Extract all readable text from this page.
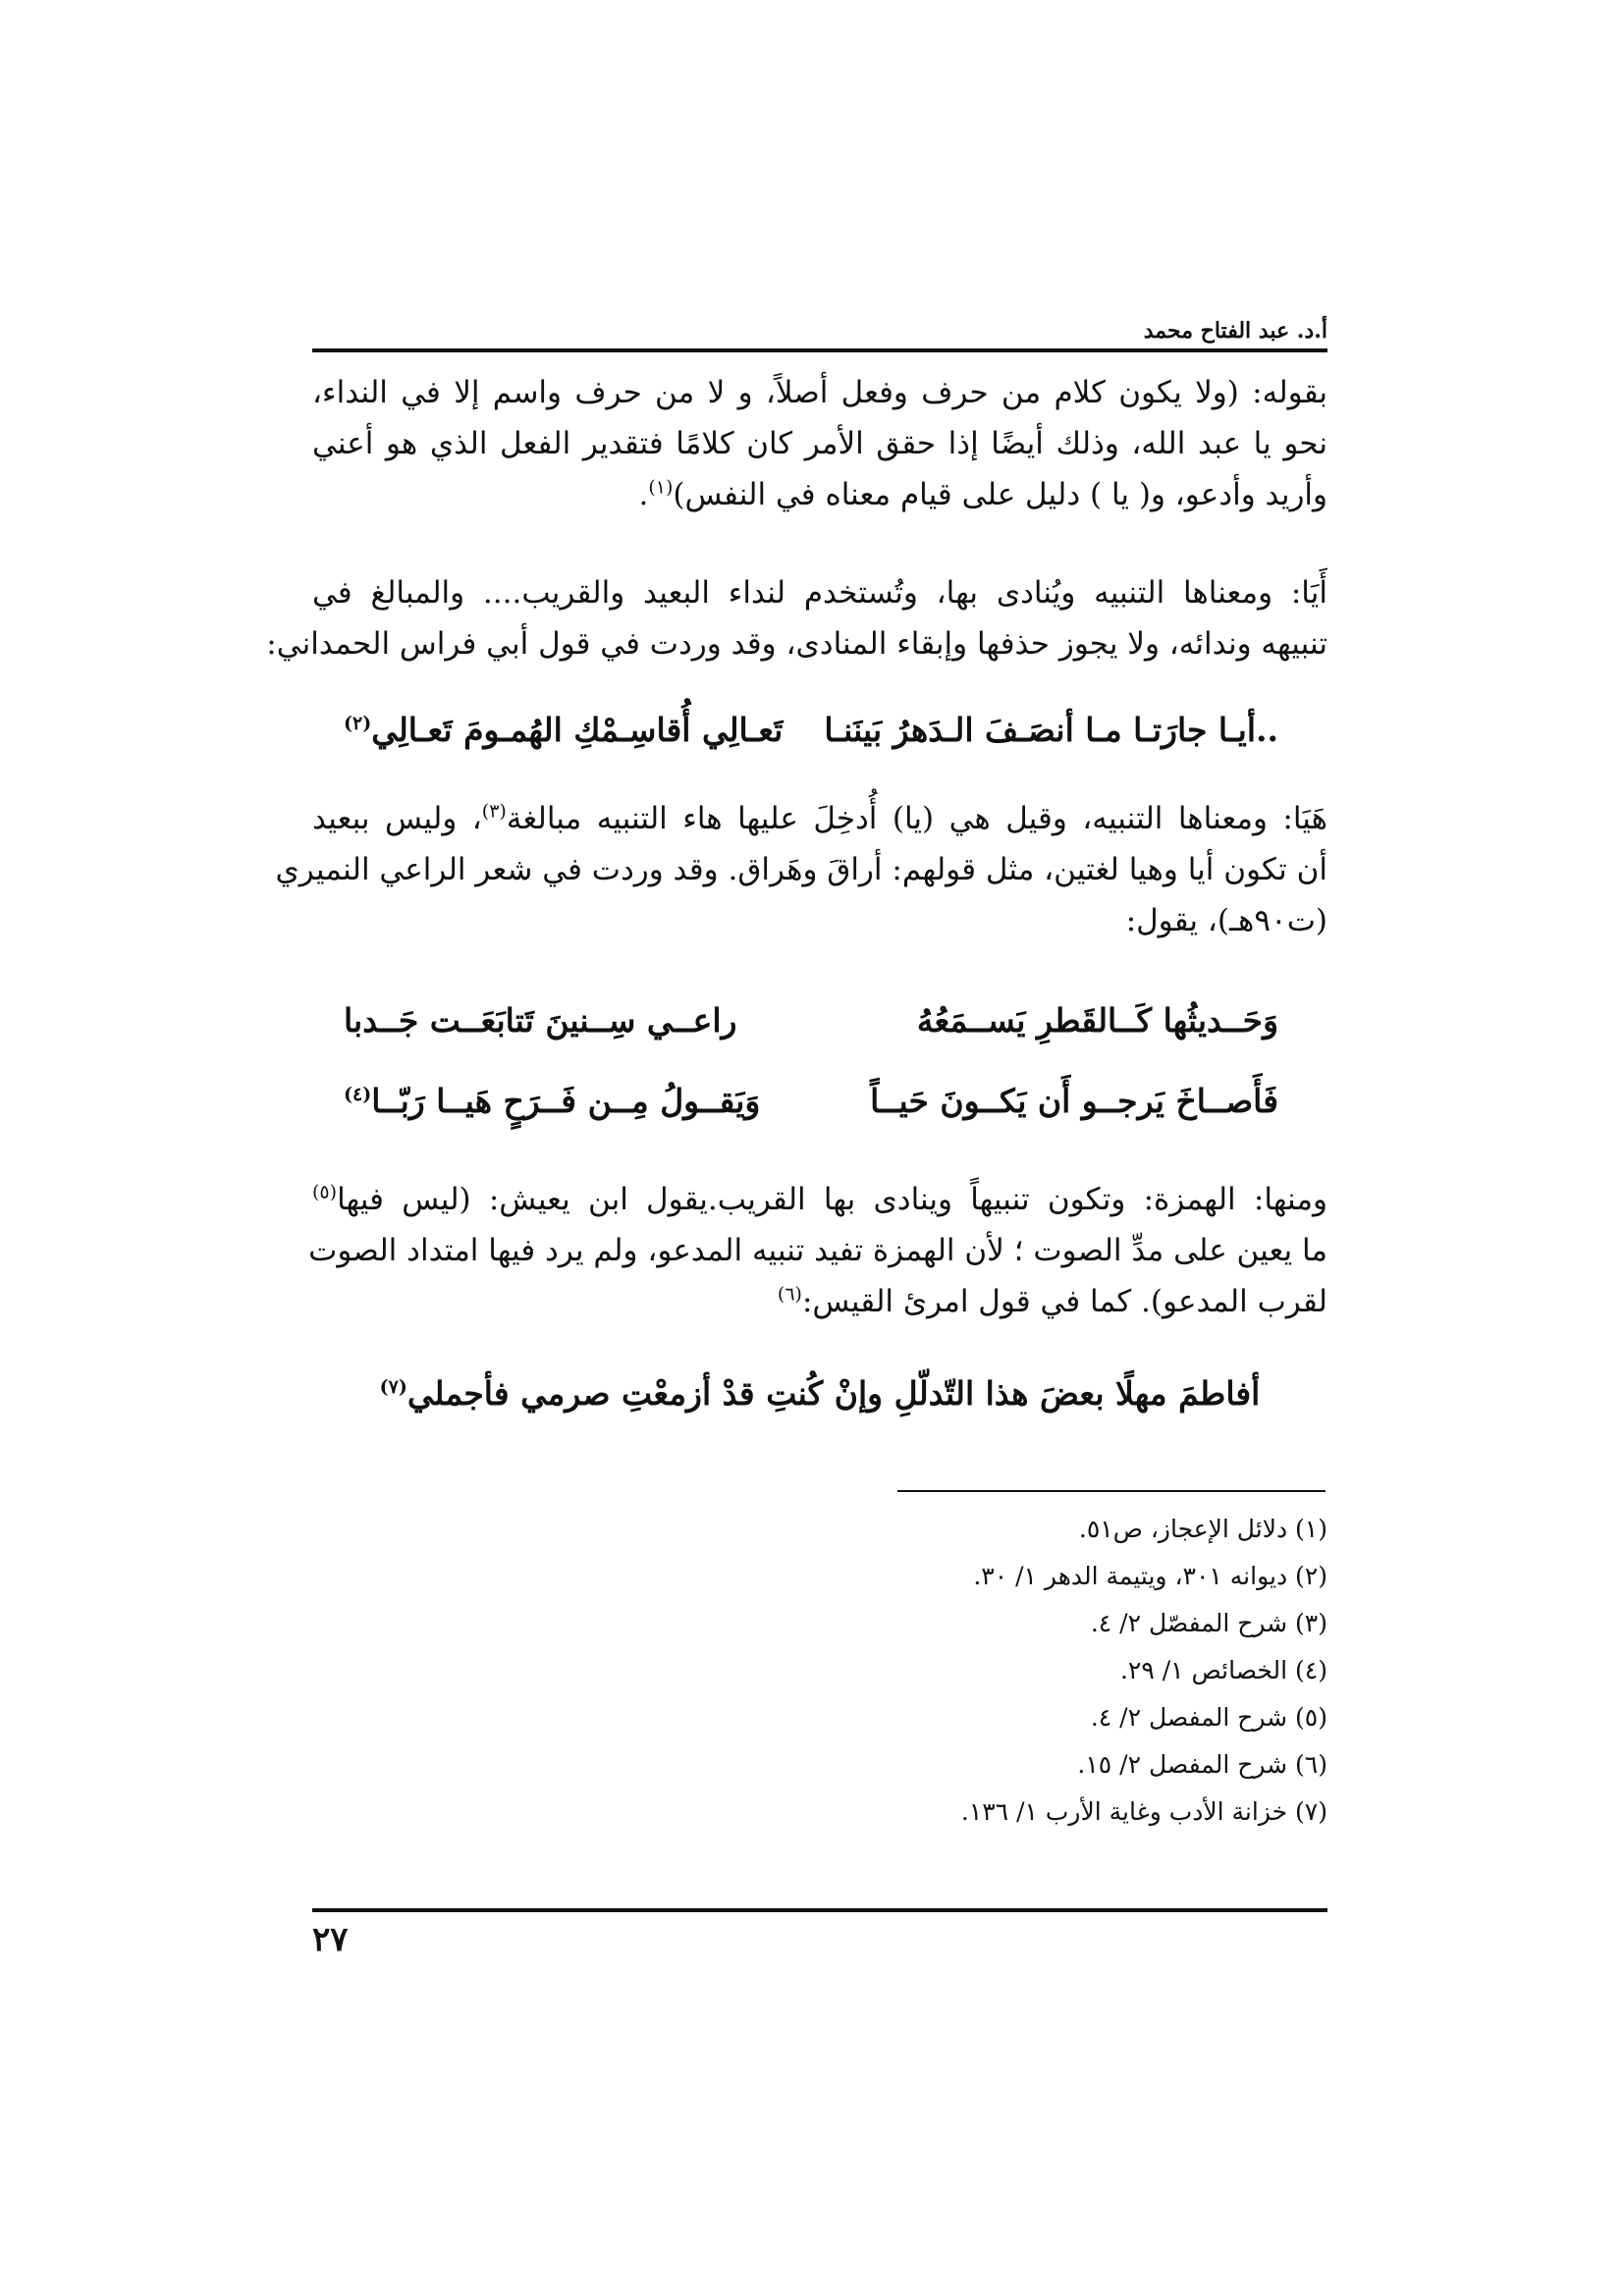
أ.د. عبد الفتاح محمد

بقوله: (ولا يكون كلام من حرف وفعل أصلاً، و لا من حرف واسم إلا في النداء،

نحو يا عبد الله، وذلك أيضًا إذا حقق الأمر كان كلامًا فتقدير الفعل الذي هو أعني

وأريد وأدعو، و( يا ) دليل على قيام معناه في النفس)$^{(١)}$.

أَيَا: ومعناها التنبيه ويُنادى بها، وتُستخدم لنداء البعيد والقريب.... والمبالغ في

تنبيهه وندائه، ولا يجوز حذفها وإبقاء المنادى، وقد وردت في قول أبي فراس الحمداني:

..أيـا جارَتـا مـا أنصَـفَ الـدَهرُ بَينَنـا
تَعـالِي أُقاسِـمْكِ الهُمـومَ تَعـالِي$^{(٢)}$

هَيَا: ومعناها التنبيه، وقيل هي (يا) أُدخِلَ عليها هاء التنبيه مبالغة$^{(٣)}$، وليس ببعيد

أن تكون أيا وهيا لغتين، مثل قولهم: أراقَ وهَراق. وقد وردت في شعر الراعي النميري

(ت٩٠هـ)، يقول:

وَحَــديثُها كَــالقَطرِ يَســمَعُهُ
راعــي سِــنينَ تَتابَعَــت جَــدبا
فَأَصــاخَ يَرجــو أَن يَكــونَ حَيــاً
وَيَقــولُ مِــن فَــرَحٍ هَيــا رَبّــا$^{(٤)}$

ومنها: الهمزة: وتكون تنبيهاً وينادى بها القريب.يقول ابن يعيش: (ليس فيها$^{(٥)}$

ما يعين على مدِّ الصوت ؛ لأن الهمزة تفيد تنبيه المدعو، ولم يرد فيها امتداد الصوت

لقرب المدعو). كما في قول امرئ القيس:$^{(٦)}$

أفاطمَ مهلًا بعضَ هذا التّدلّلِ وإنْ كُنتِ قدْ أزمعْتِ صرمي فأجملي$^{(٧)}$
(١) دلائل الإعجاز، ص٥١.
(٢) ديوانه ٣٠١، ويتيمة الدهر ١/ ٣٠.
(٣) شرح المفصّل ٢/ ٤.
(٤) الخصائص ١/ ٢٩.
(٥) شرح المفصل ٢/ ٤.
(٦) شرح المفصل ٢/ ١٥.
(٧) خزانة الأدب وغاية الأرب ١/ ١٣٦.
٢٧
